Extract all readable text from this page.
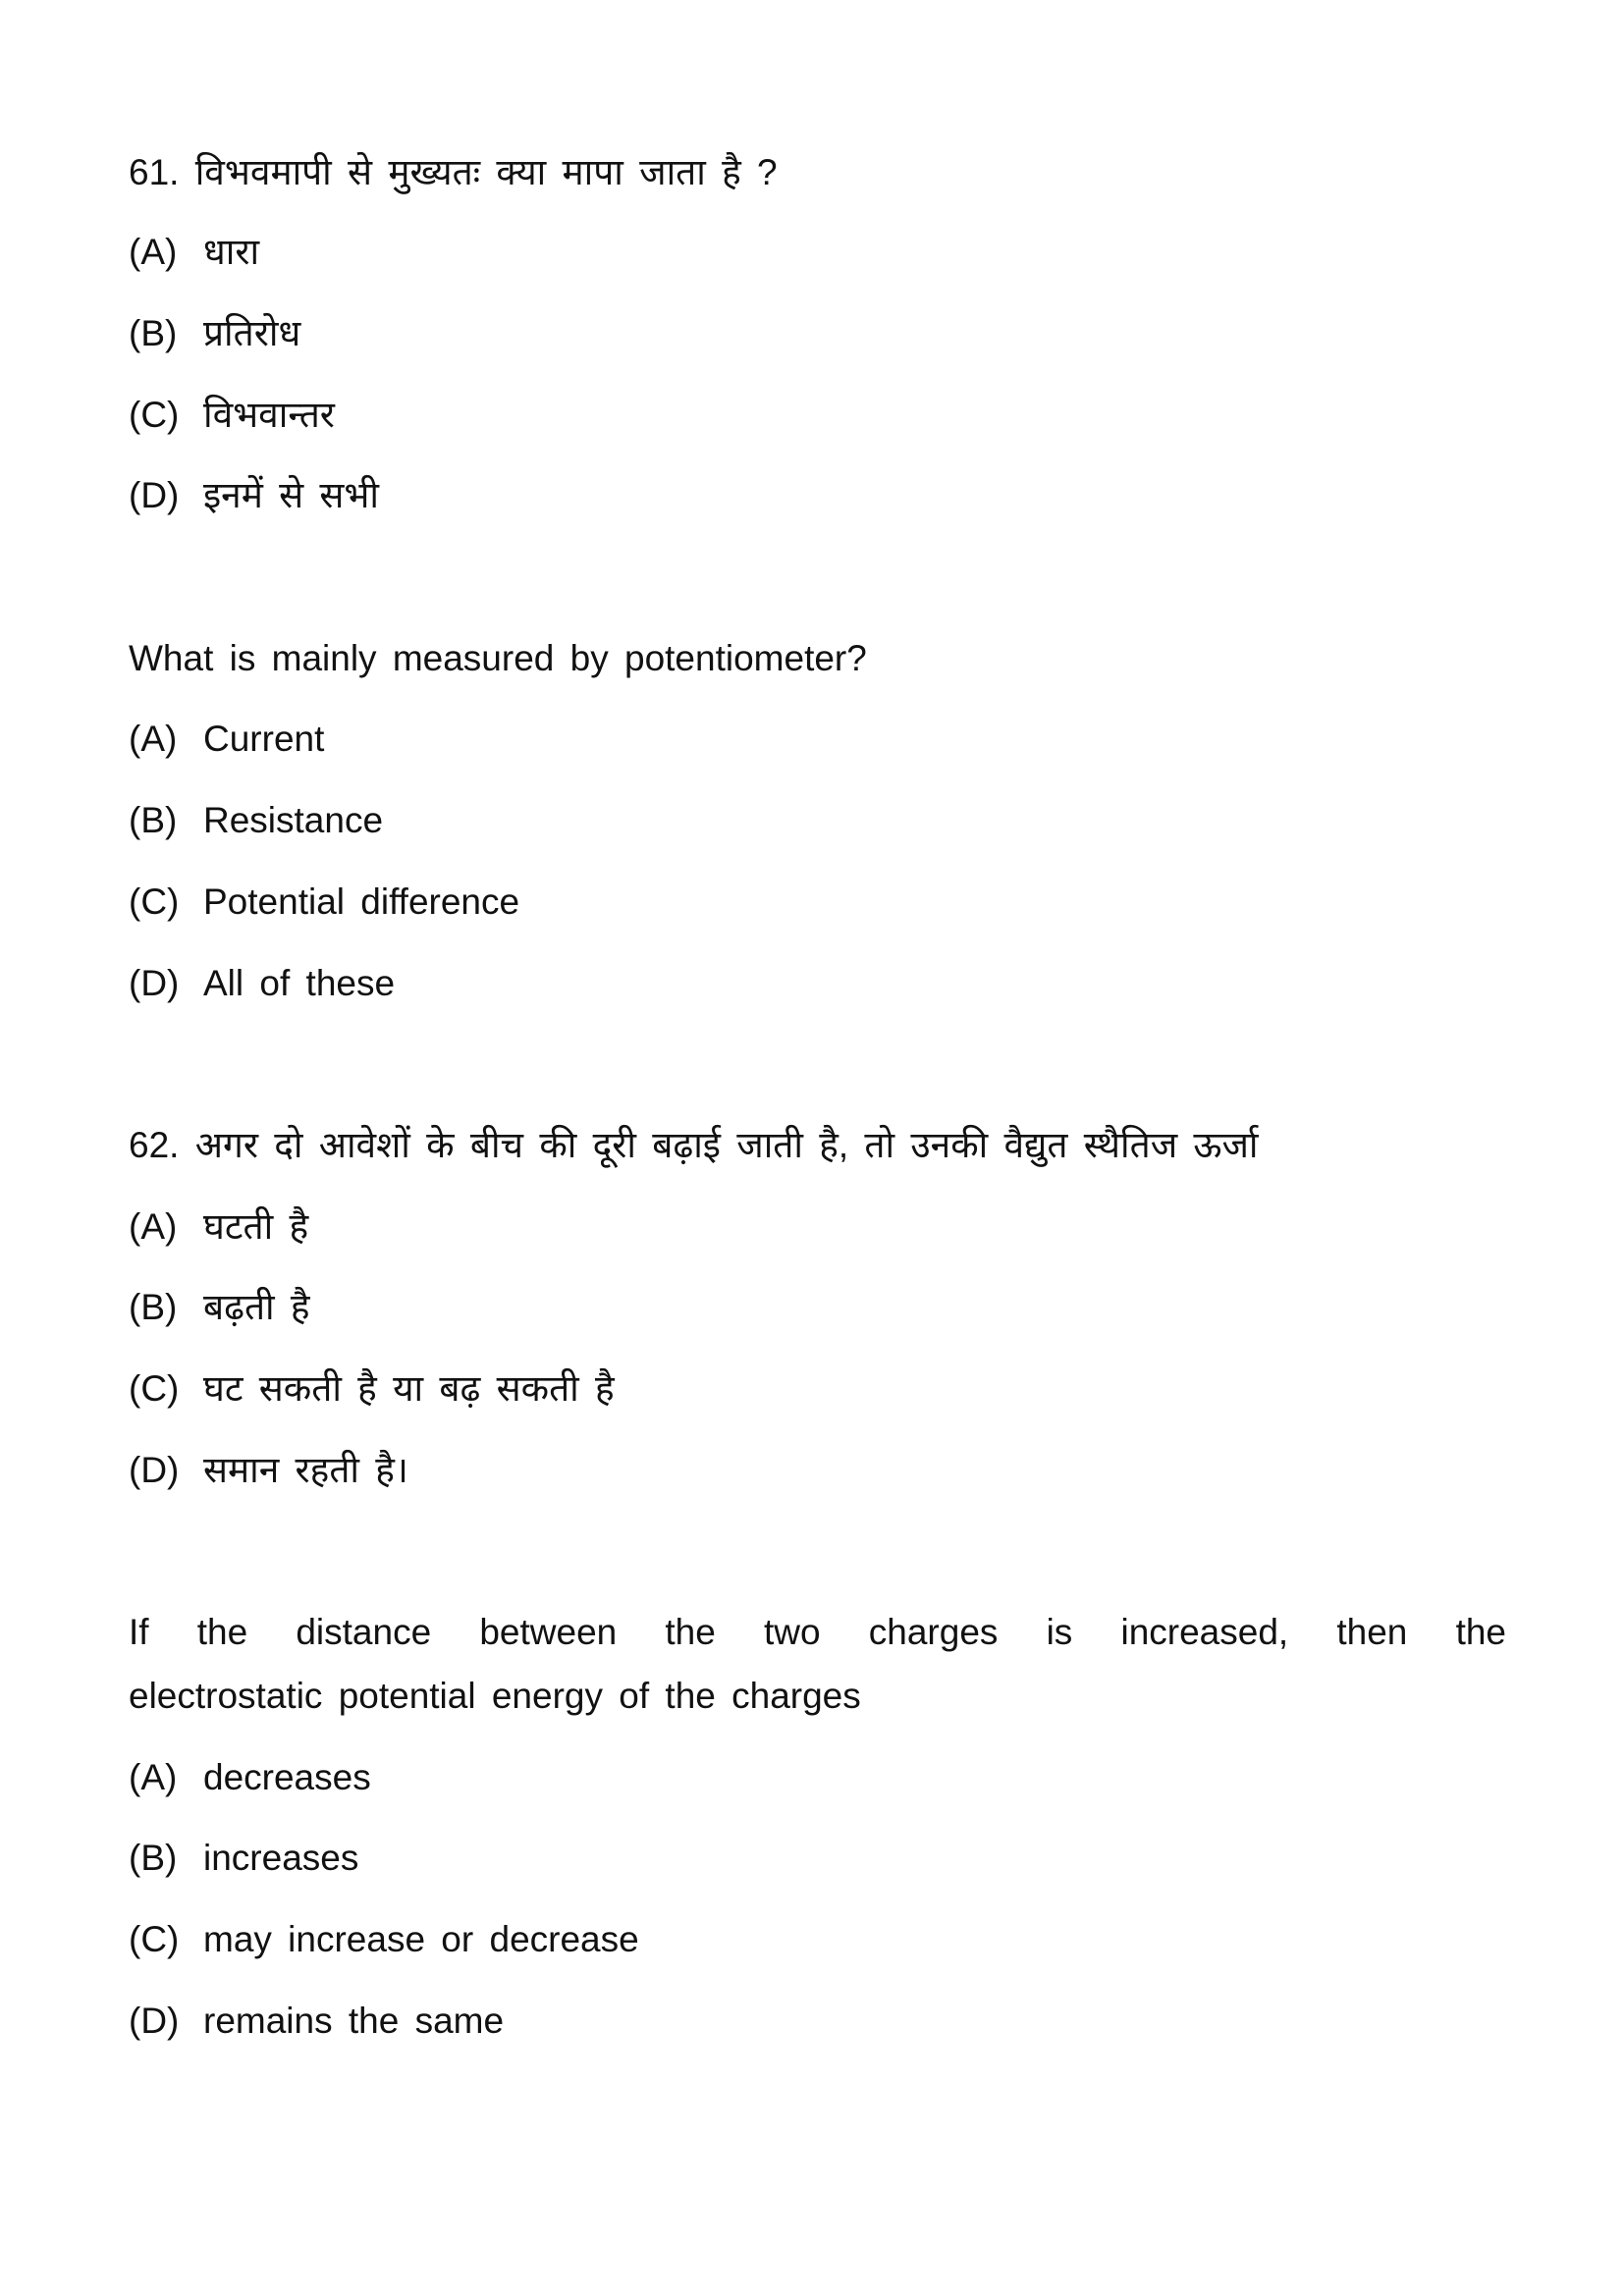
61. विभवमापी से मुख्यतः क्या मापा जाता है ?
(A) धारा
(B) प्रतिरोध
(C) विभवान्तर
(D) इनमें से सभी
What is mainly measured by potentiometer?
(A) Current
(B) Resistance
(C) Potential difference
(D) All of these
62. अगर दो आवेशों के बीच की दूरी बढ़ाई जाती है, तो उनकी वैद्युत स्थैतिज ऊर्जा
(A) घटती है
(B) बढ़ती है
(C) घट सकती है या बढ़ सकती है
(D) समान रहती है।
If the distance between the two charges is increased, then the
electrostatic potential energy of the charges
(A) decreases
(B) increases
(C) may increase or decrease
(D) remains the same
